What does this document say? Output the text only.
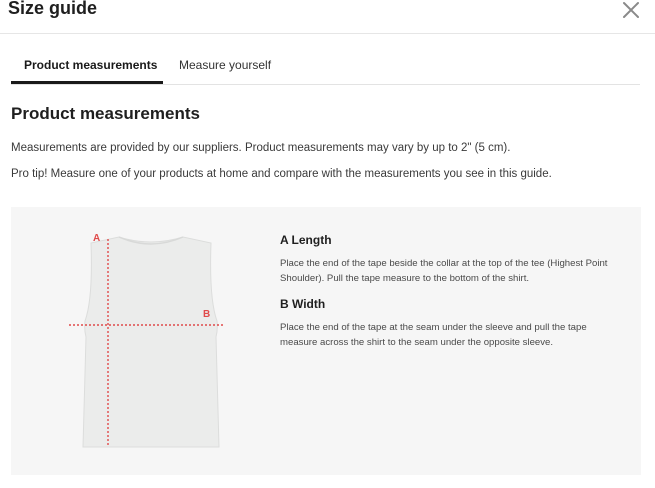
Size guide
Product measurements Measure yourself
Product measurements
Measurements are provided by our suppliers. Product measurements may vary by up to 2" (5 cm).
Pro tip! Measure one of your products at home and compare with the measurements you see in this guide.
A
B
A Length
Place the end of the tape beside the collar at the top of the tee (Highest Point Shoulder). Pull the tape measure to the bottom of the shirt.
B Width
Place the end of the tape at the seam under the sleeve and pull the tape measure across the shirt to the seam under the opposite sleeve.
